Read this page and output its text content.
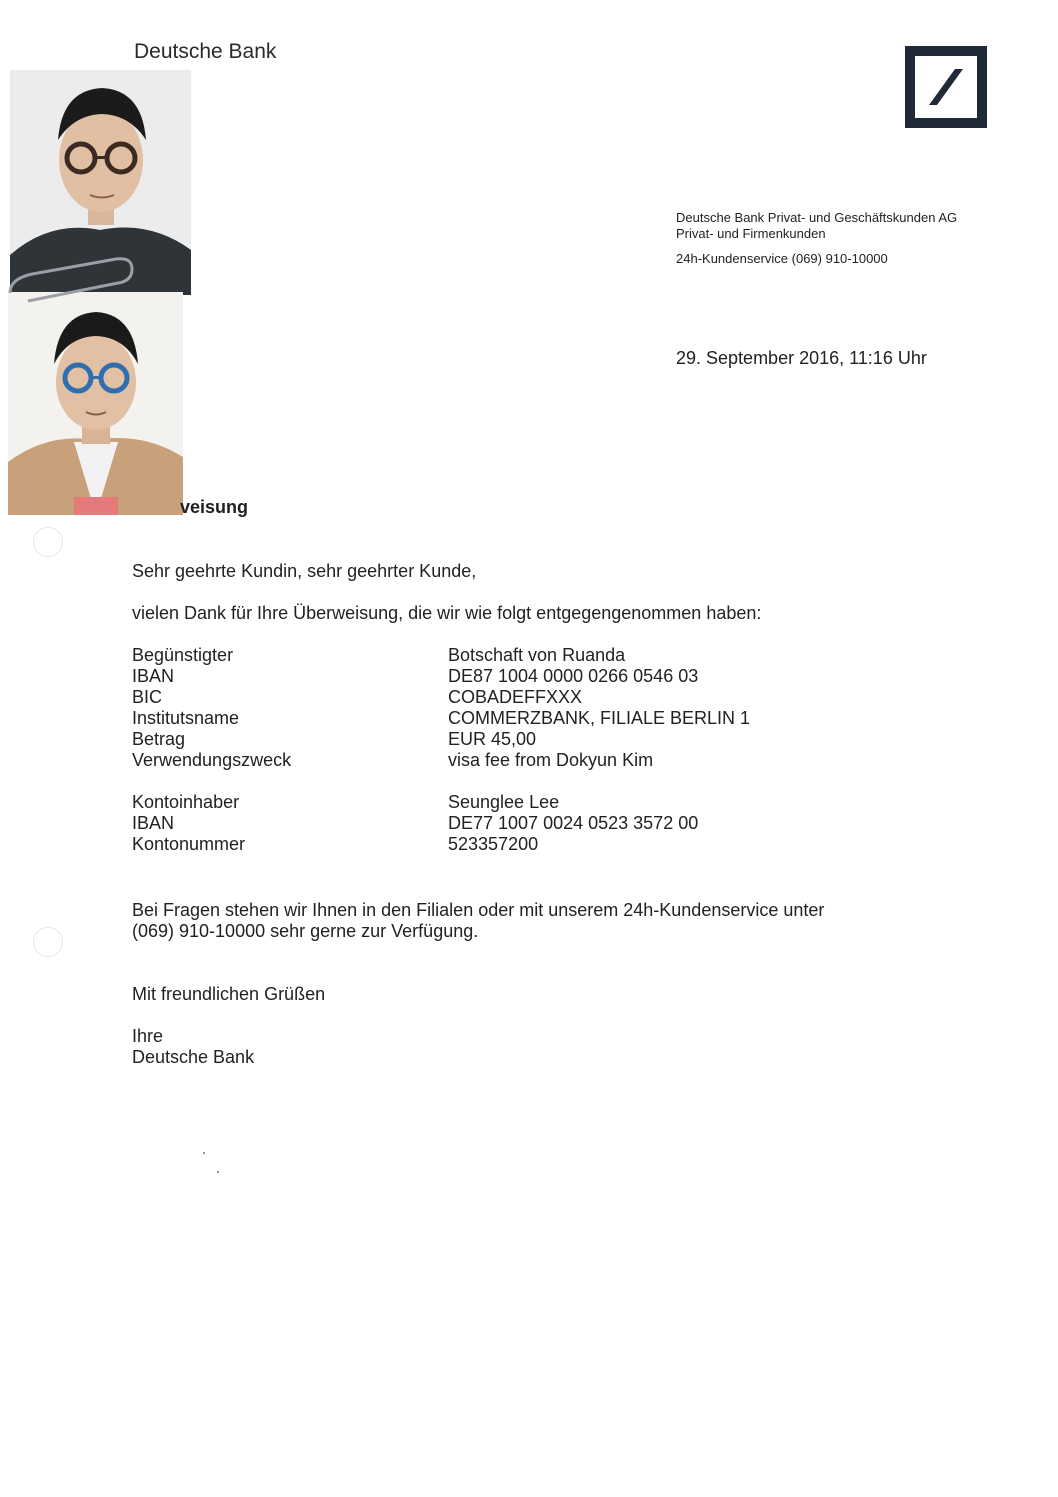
Deutsche Bank
Deutsche Bank Privat- und Geschäftskunden AG
Privat- und Firmenkunden
24h-Kundenservice (069) 910-10000
29. September 2016, 11:16 Uhr
veisung
Sehr geehrte Kundin, sehr geehrter Kunde,
vielen Dank für Ihre Überweisung, die wir wie folgt entgegengenommen haben:
Begünstigter	Botschaft von Ruanda
IBAN	DE87 1004 0000 0266 0546 03
BIC	COBADEFFXXX
Institutsname	COMMERZBANK, FILIALE BERLIN 1
Betrag	EUR 45,00
Verwendungszweck	visa fee from Dokyun Kim
Kontoinhaber	Seunglee Lee
IBAN	DE77 1007 0024 0523 3572 00
Kontonummer	523357200
Bei Fragen stehen wir Ihnen in den Filialen oder mit unserem 24h-Kundenservice unter
(069) 910-10000 sehr gerne zur Verfügung.
Mit freundlichen Grüßen
Ihre
Deutsche Bank
